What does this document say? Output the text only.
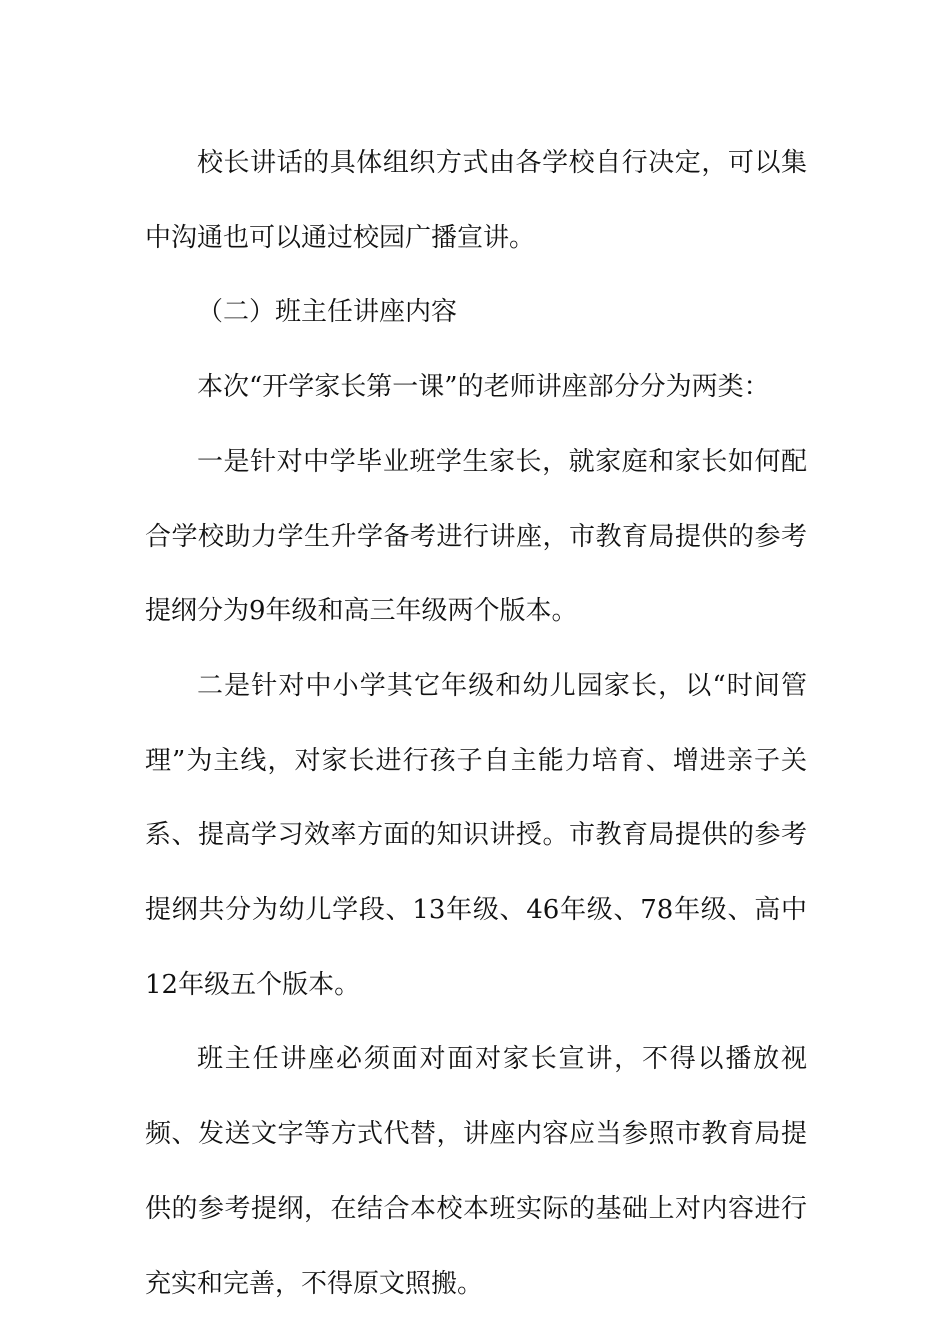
校长讲话的具体组织方式由各学校自行决定，可以集中沟通也可以通过校园广播宣讲。

（二）班主任讲座内容

本次“开学家长第一课”的老师讲座部分分为两类：

一是针对中学毕业班学生家长，就家庭和家长如何配合学校助力学生升学备考进行讲座，市教育局提供的参考提纲分为9年级和高三年级两个版本。

二是针对中小学其它年级和幼儿园家长，以“时间管理”为主线，对家长进行孩子自主能力培育、增进亲子关系、提高学习效率方面的知识讲授。市教育局提供的参考提纲共分为幼儿学段、13年级、46年级、78年级、高中12年级五个版本。

班主任讲座必须面对面对家长宣讲，不得以播放视频、发送文字等方式代替，讲座内容应当参照市教育局提供的参考提纲，在结合本校本班实际的基础上对内容进行充实和完善，不得原文照搬。
